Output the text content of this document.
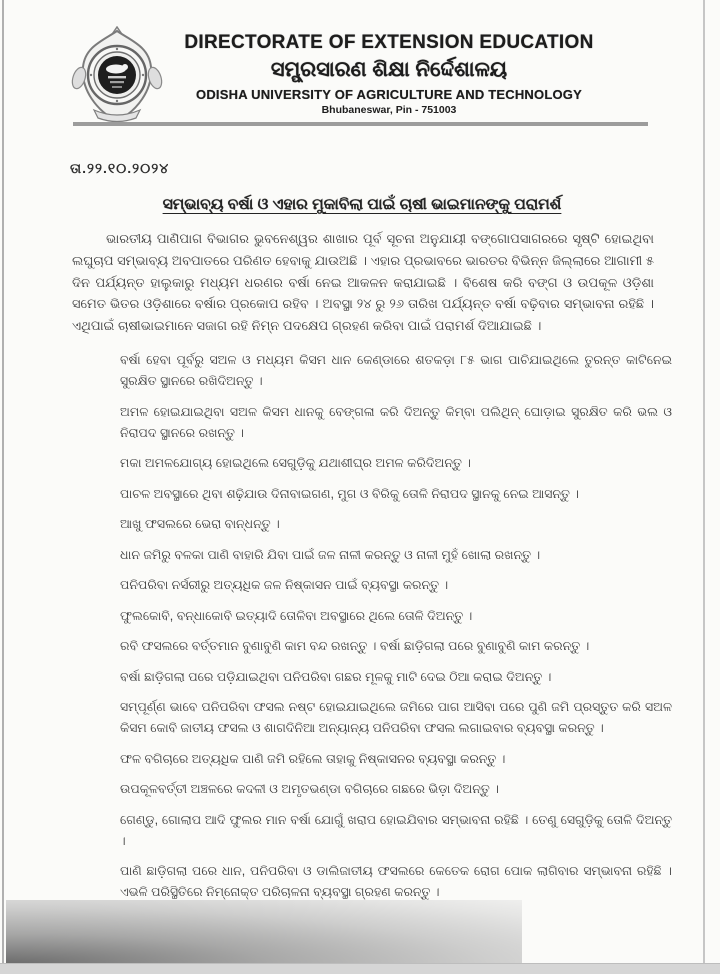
DIRECTORATE OF EXTENSION EDUCATION
ସମ୍ପ୍ରସାରଣ ଶିକ୍ଷା ନିର୍ଦ୍ଦେଶାଳୟ
ODISHA UNIVERSITY OF AGRICULTURE AND TECHNOLOGY
Bhubaneswar, Pin - 751003
ତା.୨୨.୧୦.୨୦୨୪
ସମ୍ଭାବ୍ୟ ବର୍ଷା ଓ ଏହାର ମୁକାବିଲା ପାଇଁ ଚାଷୀ ଭାଇମାନଙ୍କୁ ପରାମର୍ଶ
ଭାରତୀୟ ପାଣିପାଗ ବିଭାଗର ଭୁବନେଶ୍ୱର ଶାଖାର ପୂର୍ବ ସୂଚନା ଅନୁଯାୟୀ ବଙ୍ଗୋପସାଗରରେ ସୃଷ୍ଟି ହୋଇଥିବା ଲଘୁଚାପ ସମ୍ଭାବ୍ୟ ଅବପାତରେ ପରିଣତ ହେବାକୁ ଯାଉଅଛି । ଏହାର ପ୍ରଭାବରେ ଭାରତର ବିଭିନ୍ନ ଜିଲ୍ଲାରେ ଆଗାମୀ ୫ ଦିନ ପର୍ଯ୍ୟନ୍ତ ହାଲୁକାରୁ ମଧ୍ୟମ ଧରଣର ବର୍ଷା ନେଇ ଆକଳନ କରାଯାଇଛି । ବିଶେଷ କରି ବଙ୍ଗ ଓ ଉପକୂଳ ଓଡ଼ିଶା ସମେତ ଭିତର ଓଡ଼ିଶାରେ ବର୍ଷାର ପ୍ରକୋପ ରହିବ । ଅବସ୍ଥା ୨୪ ରୁ ୨୬ ତାରିଖ ପର୍ଯ୍ୟନ୍ତ ବର୍ଷା ବଢ଼ିବାର ସମ୍ଭାବନା ରହିଛି । ଏଥିପାଇଁ ଚାଷୀଭାଇମାନେ ସଜାଗ ରହି ନିମ୍ନ ପଦକ୍ଷେପ ଗ୍ରହଣ କରିବା ପାଇଁ ପରାମର୍ଶ ଦିଆଯାଇଛି ।
• ବର୍ଷା ହେବା ପୂର୍ବରୁ ସଅଳ ଓ ମଧ୍ୟମ କିସମ ଧାନ କେଣ୍ଡାରେ ଶତକଡ଼ା ୮୫ ଭାଗ ପାଚିଯାଇଥିଲେ ତୁରନ୍ତ କାଟିନେଇ ସୁରକ୍ଷିତ ସ୍ଥାନରେ ରଖିଦିଅନ୍ତୁ ।
• ଅମଳ ହୋଇଯାଇଥିବା ସଅଳ କିସମ ଧାନକୁ ବେଙ୍ଗଳା କରି ଦିଅନ୍ତୁ କିମ୍ବା ପଲିଥିନ୍ ଘୋଡ଼ାଇ ସୁରକ୍ଷିତ କରି ଭଲ ଓ ନିରାପଦ ସ୍ଥାନରେ ରଖନ୍ତୁ ।
• ମକା ଅମଳଯୋଗ୍ୟ ହୋଇଥିଲେ ସେଗୁଡ଼ିକୁ ଯଥାଶୀଘ୍ର ଅମଳ କରିଦିଅନ୍ତୁ ।
• ପାଚଳ ଅବସ୍ଥାରେ ଥିବା ଶଢ଼ିଯାଉ ଦିନାବାଇଗଣ, ମୁଗ ଓ ବିରିକୁ ତୋଳି ନିରାପଦ ସ୍ଥାନକୁ ନେଇ ଆସନ୍ତୁ ।
• ଆଖୁ ଫସଲରେ ଭେରା ବାନ୍ଧନ୍ତୁ ।
• ଧାନ ଜମିରୁ ବଳକା ପାଣି ବାହାରି ଯିବା ପାଇଁ ଜଳ ନାଳୀ କରନ୍ତୁ ଓ ନାଳୀ ମୁହଁ ଖୋଲା ରଖନ୍ତୁ ।
• ପନିପରିବା ନର୍ସରୀରୁ ଅତ୍ୟଧିକ ଜଳ ନିଷ୍କାସନ ପାଇଁ ବ୍ୟବସ୍ଥା କରନ୍ତୁ ।
• ଫୁଲକୋବି, ବନ୍ଧାକୋବି ଇତ୍ୟାଦି ତୋଳିବା ଅବସ୍ଥାରେ ଥିଲେ ତୋଳି ଦିଅନ୍ତୁ ।
• ରବି ଫସଲରେ ବର୍ତ୍ତମାନ ବୁଣାବୁଣି କାମ ବନ୍ଦ ରଖନ୍ତୁ । ବର୍ଷା ଛାଡ଼ିଗଲା ପରେ ବୁଣାବୁଣି କାମ କରନ୍ତୁ ।
• ବର୍ଷା ଛାଡ଼ିଗଲା ପରେ ପଡ଼ିଯାଇଥିବା ପନିପରିବା ଗଛର ମୂଳକୁ ମାଟି ଦେଇ ଠିଆ କରାଇ ଦିଅନ୍ତୁ ।
• ସମ୍ପୂର୍ଣ୍ଣ ଭାବେ ପନିପରିବା ଫସଲ ନଷ୍ଟ ହୋଇଯାଇଥିଲେ ଜମିରେ ପାଗ ଆସିବା ପରେ ପୁଣି ଜମି ପ୍ରସ୍ତୁତ କରି ସଅଳ କିସମ କୋବି ଜାତୀୟ ଫସଲ ଓ ଶାଗଦିନିଆ ଅନ୍ୟାନ୍ୟ ପନିପରିବା ଫସଲ ଲଗାଇବାର ବ୍ୟବସ୍ଥା କରନ୍ତୁ ।
• ଫଳ ବଗିଚାରେ ଅତ୍ୟଧିକ ପାଣି ଜମି ରହିଲେ ତାହାକୁ ନିଷ୍କାସନର ବ୍ୟବସ୍ଥା କରନ୍ତୁ ।
• ଉପକୂଳବର୍ତ୍ତୀ ଅଞ୍ଚଳରେ କଦଳୀ ଓ ଅମୃତଭଣ୍ଡା ବଗିଚାରେ ଗଛରେ ଭିଡ଼ା ଦିଅନ୍ତୁ ।
• ଗେଣ୍ଡୁ, ଗୋଲାପ ଆଦି ଫୁଲର ମାନ ବର୍ଷା ଯୋଗୁଁ ଖରାପ ହୋଇଯିବାର ସମ୍ଭାବନା ରହିଛି । ତେଣୁ ସେଗୁଡ଼ିକୁ ତୋଳି ଦିଅନ୍ତୁ ।
• ପାଣି ଛାଡ଼ିଗଲା ପରେ ଧାନ, ପନିପରିବା ଓ ଡାଲିଜାତୀୟ ଫସଲରେ କେତେକ ରୋଗ ପୋକ ଲାଗିବାର ସମ୍ଭାବନା ରହିଛି । ଏଭଳି ପରିସ୍ଥିତିରେ ନିମ୍ନୋକ୍ତ ପରିଚାଳନା ବ୍ୟବସ୍ଥା ଗ୍ରହଣ କରନ୍ତୁ ।
